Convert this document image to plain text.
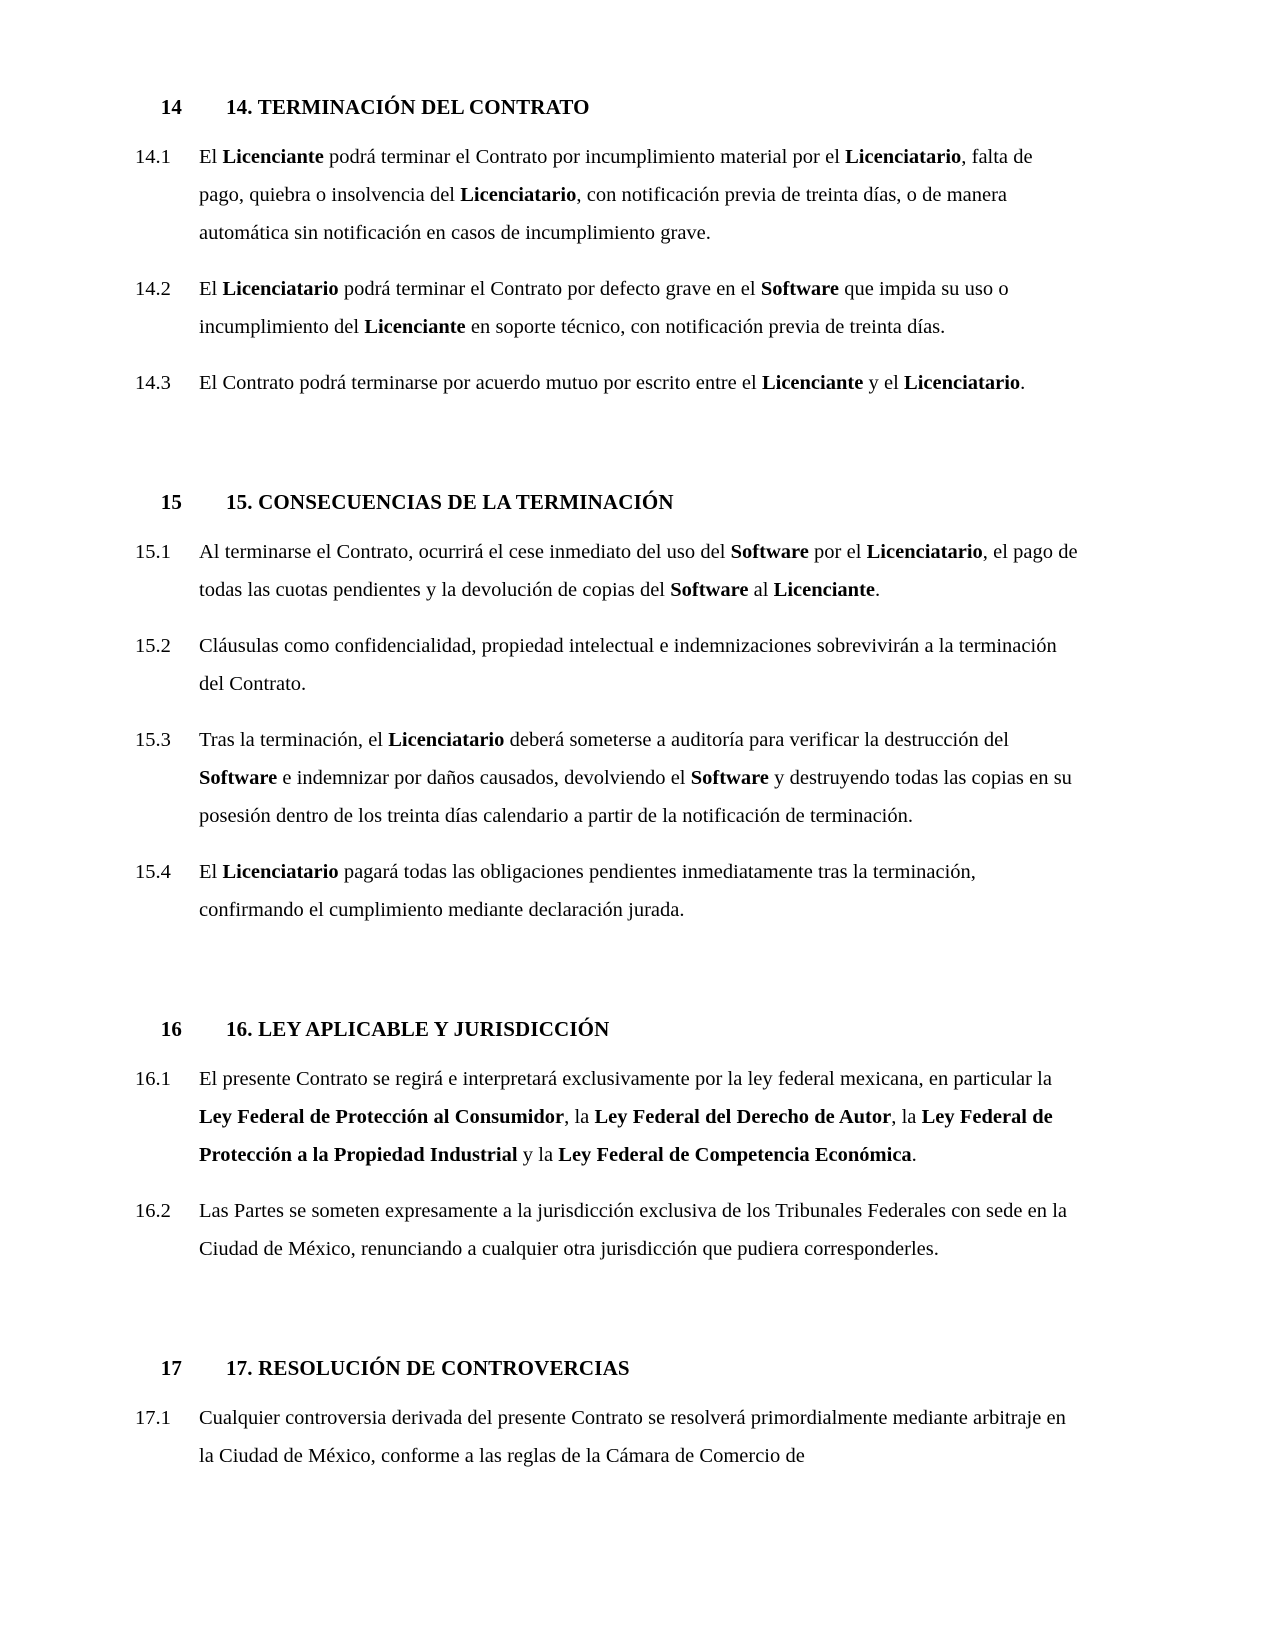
14 14. TERMINACIÓN DEL CONTRATO
14.1	El Licenciante podrá terminar el Contrato por incumplimiento material por el Licenciatario, falta de pago, quiebra o insolvencia del Licenciatario, con notificación previa de treinta días, o de manera automática sin notificación en casos de incumplimiento grave.
14.2	El Licenciatario podrá terminar el Contrato por defecto grave en el Software que impida su uso o incumplimiento del Licenciante en soporte técnico, con notificación previa de treinta días.
14.3	El Contrato podrá terminarse por acuerdo mutuo por escrito entre el Licenciante y el Licenciatario.
15 15. CONSECUENCIAS DE LA TERMINACIÓN
15.1	Al terminarse el Contrato, ocurrirá el cese inmediato del uso del Software por el Licenciatario, el pago de todas las cuotas pendientes y la devolución de copias del Software al Licenciante.
15.2	Cláusulas como confidencialidad, propiedad intelectual e indemnizaciones sobrevivirán a la terminación del Contrato.
15.3	Tras la terminación, el Licenciatario deberá someterse a auditoría para verificar la destrucción del Software e indemnizar por daños causados, devolviendo el Software y destruyendo todas las copias en su posesión dentro de los treinta días calendario a partir de la notificación de terminación.
15.4	El Licenciatario pagará todas las obligaciones pendientes inmediatamente tras la terminación, confirmando el cumplimiento mediante declaración jurada.
16 16. LEY APLICABLE Y JURISDICCIÓN
16.1	El presente Contrato se regirá e interpretará exclusivamente por la ley federal mexicana, en particular la Ley Federal de Protección al Consumidor, la Ley Federal del Derecho de Autor, la Ley Federal de Protección a la Propiedad Industrial y la Ley Federal de Competencia Económica.
16.2	Las Partes se someten expresamente a la jurisdicción exclusiva de los Tribunales Federales con sede en la Ciudad de México, renunciando a cualquier otra jurisdicción que pudiera corresponderles.
17 17. RESOLUCIÓN DE CONTROVERCIAS
17.1	Cualquier controversia derivada del presente Contrato se resolverá primordialmente mediante arbitraje en la Ciudad de México, conforme a las reglas de la Cámara de Comercio de
